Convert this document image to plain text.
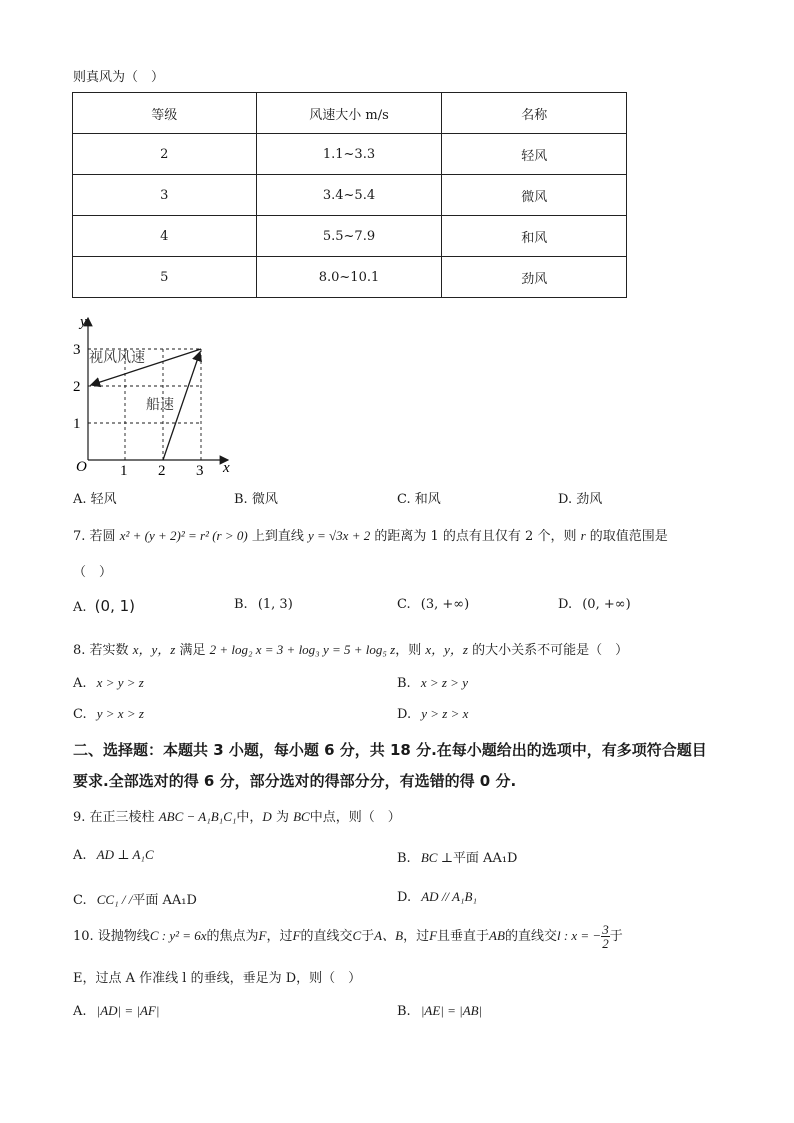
则真风为（　）
等级	风速大小 m/s	名称
2	1.1~3.3	轻风
3	3.4~5.4	微风
4	5.5~7.9	和风
5	8.0~10.1	劲风
y
x
O 1 2 3
1
2
3 视风风速
船速
A. 轻风	B. 微风	C. 和风	D. 劲风
7. 若圆 x² + (y + 2)² = r² (r > 0) 上到直线 y = √3x + 2 的距离为 1 的点有且仅有 2 个，则 r 的取值范围是
（　）
A. (0, 1)	B. (1, 3)	C. (3, +∞)	D. (0, +∞)
8. 若实数 x，y，z 满足 2 + log₂ x = 3 + log₃ y = 5 + log₅ z，则 x，y，z 的大小关系不可能是（　）
A. x > y > z	B. x > z > y
C. y > x > z	D. y > z > x
二、选择题：本题共 3 小题，每小题 6 分，共 18 分.在每小题给出的选项中，有多项符合题目
要求.全部选对的得 6 分，部分选对的得部分分，有选错的得 0 分.
9. 在正三棱柱 ABC − A₁B₁C₁中，D 为 BC中点，则（　）
A. AD ⊥ A₁C	B. BC ⊥平面 AA₁D
C. CC₁ / /平面 AA₁D	D. AD // A₁B₁
10. 设抛物线C : y² = 6x的焦点为F，过F的直线交C于A、B，过F且垂直于AB的直线交l : x = − $\frac{3}{2}$ 于
E，过点 A 作准线 l 的垂线，垂足为 D，则（　）
A. |AD| = |AF|	B. |AE| = |AB|
